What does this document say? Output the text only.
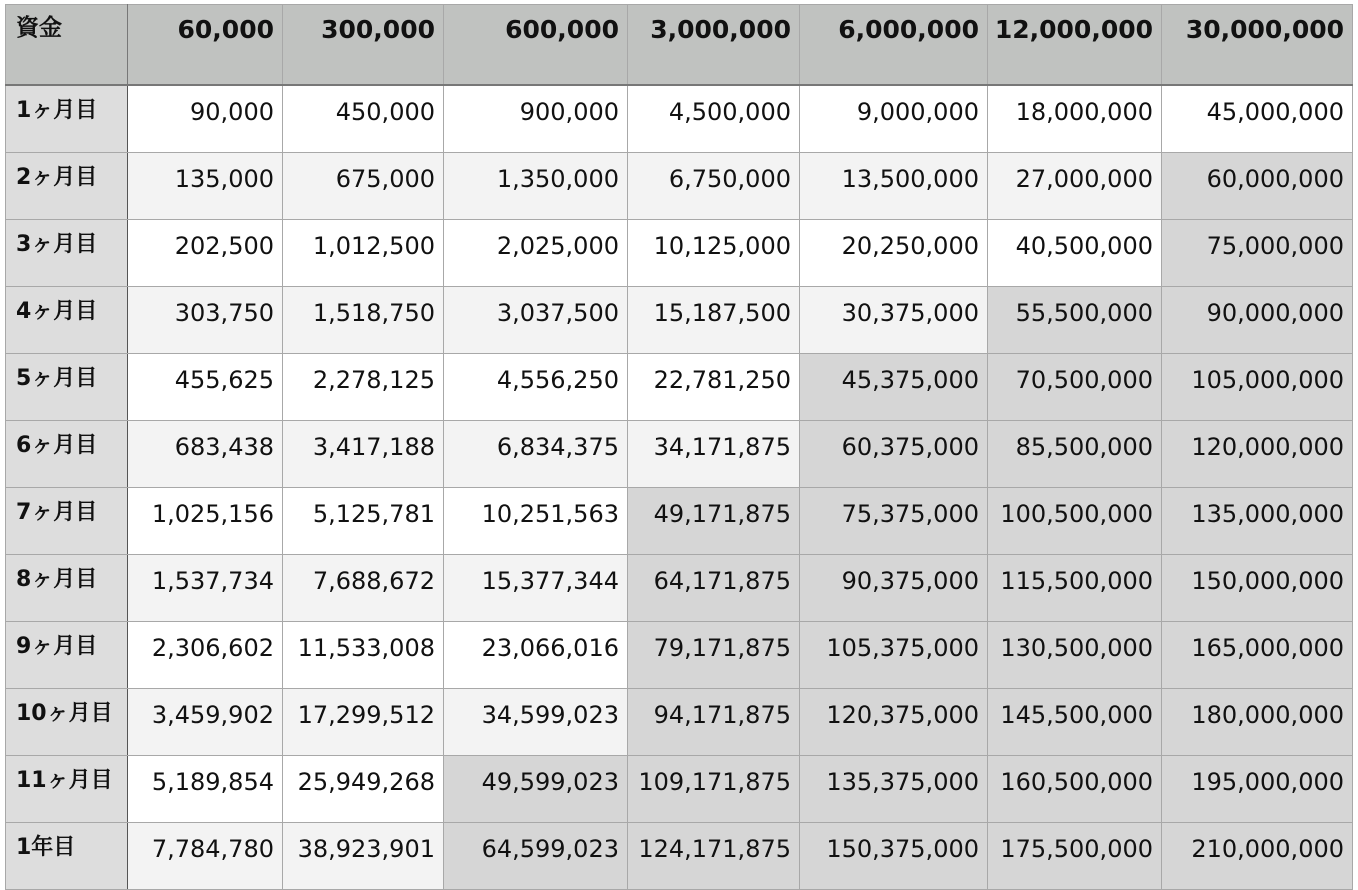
資金	60,000	300,000	600,000	3,000,000	6,000,000	12,000,000	30,000,000
1ヶ月目	90,000	450,000	900,000	4,500,000	9,000,000	18,000,000	45,000,000
2ヶ月目	135,000	675,000	1,350,000	6,750,000	13,500,000	27,000,000	60,000,000
3ヶ月目	202,500	1,012,500	2,025,000	10,125,000	20,250,000	40,500,000	75,000,000
4ヶ月目	303,750	1,518,750	3,037,500	15,187,500	30,375,000	55,500,000	90,000,000
5ヶ月目	455,625	2,278,125	4,556,250	22,781,250	45,375,000	70,500,000	105,000,000
6ヶ月目	683,438	3,417,188	6,834,375	34,171,875	60,375,000	85,500,000	120,000,000
7ヶ月目	1,025,156	5,125,781	10,251,563	49,171,875	75,375,000	100,500,000	135,000,000
8ヶ月目	1,537,734	7,688,672	15,377,344	64,171,875	90,375,000	115,500,000	150,000,000
9ヶ月目	2,306,602	11,533,008	23,066,016	79,171,875	105,375,000	130,500,000	165,000,000
10ヶ月目	3,459,902	17,299,512	34,599,023	94,171,875	120,375,000	145,500,000	180,000,000
11ヶ月目	5,189,854	25,949,268	49,599,023	109,171,875	135,375,000	160,500,000	195,000,000
1年目	7,784,780	38,923,901	64,599,023	124,171,875	150,375,000	175,500,000	210,000,000
